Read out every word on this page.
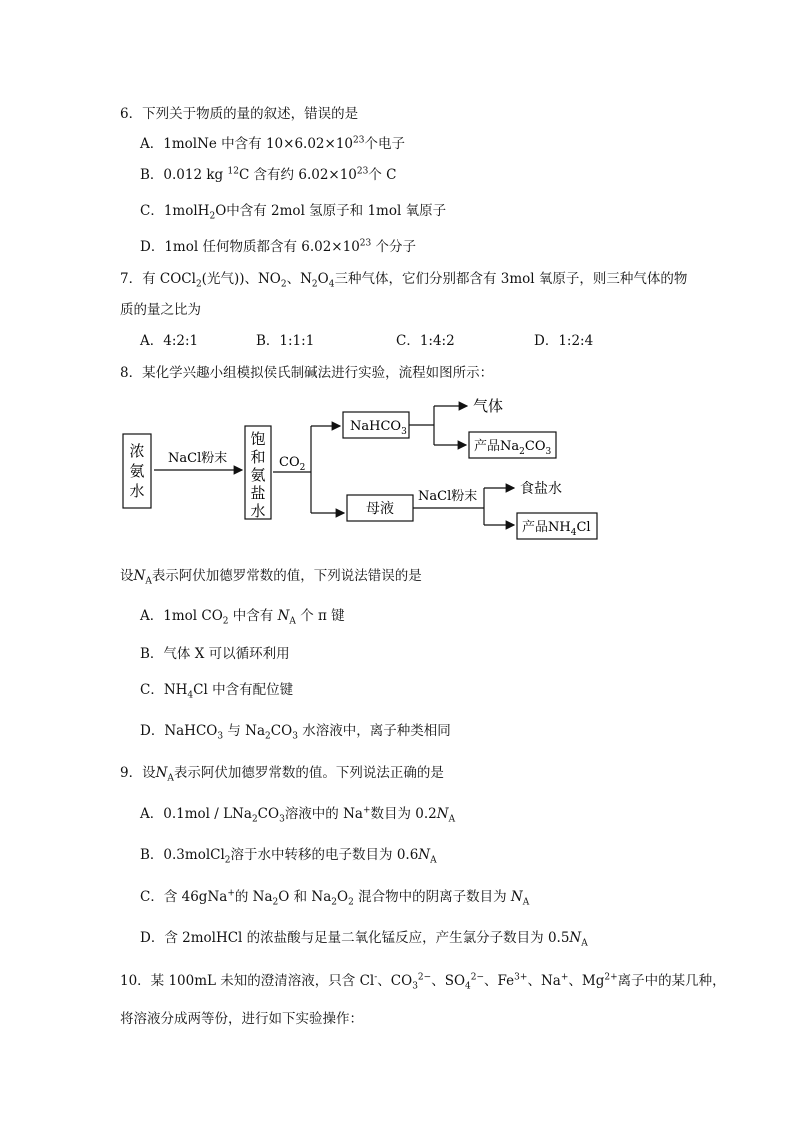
6．下列关于物质的量的叙述，错误的是
A．1molNe 中含有 $10\times 6.02\times 10^{23}$个电子
B．0.012 kg $^{12}$C 含有约 $6.02\times 10^{23}$个 C
C．1molH$_2$O中含有 2mol 氢原子和 1mol 氧原子
D．1mol 任何物质都含有 $6.02\times 10^{23}$ 个分子
7．有 COCl$_2$(光气))、$NO_2$、$N_2O_4$三种气体，它们分别都含有 3mol 氧原子，则三种气体的物
质的量之比为
A．4:2:1	B．1:1:1	C．1:4:2	D．1:2:4
8．某化学兴趣小组模拟侯氏制碱法进行实验，流程如图所示：
浓
氨
水
NaCl粉末
饱
和
氨
盐
水
$CO_2$
NaHCO$_3$
气体
产品$Na_2CO_3$
母液
NaCl粉末	食盐水
产品$NH_4Cl$
设$N_A$表示阿伏加德罗常数的值，下列说法错误的是
A．1mol $CO_2$ 中含有 $N_A$ 个 π 键
B．气体 X 可以循环利用
C．$NH_4Cl$ 中含有配位键
D．NaHCO$_3$ 与 $Na_2CO_3$ 水溶液中，离子种类相同
9．设$N_A$表示阿伏加德罗常数的值。下列说法正确的是
A．$0.1mol / LNa_2CO_3$溶液中的 Na+数目为 $0.2N_A$
B．0.3molCl$_2$溶于水中转移的电子数目为 $0.6N_A$
C．含 46gNa+的 $Na_2O$ 和 $Na_2O_2$ 混合物中的阴离子数目为 $N_A$
D．含 2molHCl 的浓盐酸与足量二氧化锰反应，产生氯分子数目为 $0.5N_A$
10．某 100mL 未知的澄清溶液，只含 Cl-、$CO_3^{2-}$、$SO_4^{2-}$、$Fe^{3+}$、Na+、$Mg^{2+}$离子中的某几种，
将溶液分成两等份，进行如下实验操作：
